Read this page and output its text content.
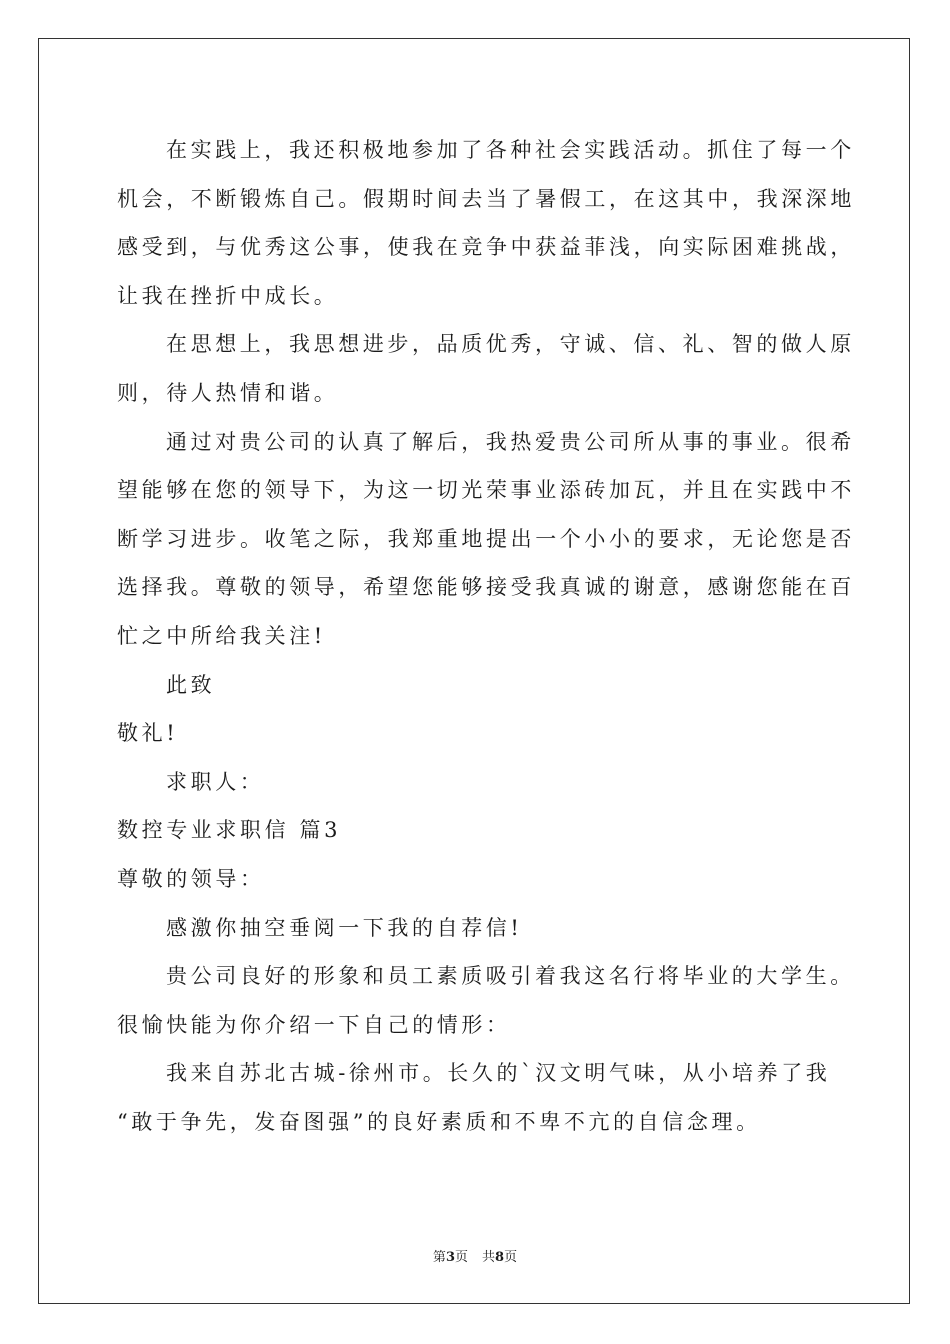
在实践上，我还积极地参加了各种社会实践活动。抓住了每一个

机会，不断锻炼自己。假期时间去当了暑假工，在这其中，我深深地

感受到，与优秀这公事，使我在竞争中获益菲浅，向实际困难挑战，

让我在挫折中成长。

在思想上，我思想进步，品质优秀，守诚、信、礼、智的做人原

则，待人热情和谐。

通过对贵公司的认真了解后，我热爱贵公司所从事的事业。很希

望能够在您的领导下，为这一切光荣事业添砖加瓦，并且在实践中不

断学习进步。收笔之际，我郑重地提出一个小小的要求，无论您是否

选择我。尊敬的领导，希望您能够接受我真诚的谢意，感谢您能在百

忙之中所给我关注!

此致

敬礼!

求职人：

数控专业求职信 篇3

尊敬的领导：

感激你抽空垂阅一下我的自荐信!

贵公司良好的形象和员工素质吸引着我这名行将毕业的大学生。

很愉快能为你介绍一下自己的情形：

我来自苏北古城-徐州市。长久的`汉文明气味，从小培养了我

“敢于争先，发奋图强”的良好素质和不卑不亢的自信念理。

第3页 共8页
